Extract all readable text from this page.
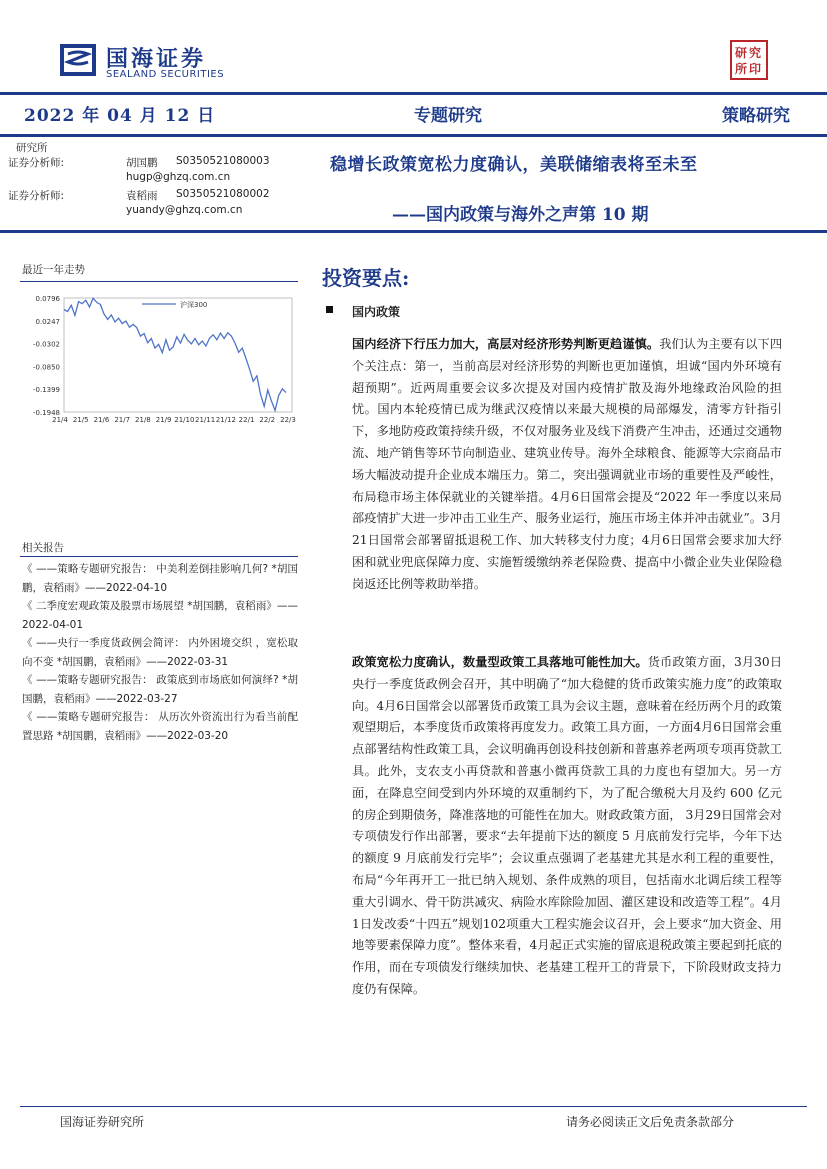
国海证券
SEALAND SECURITIES
研 究
所 印
2022 年 04 月 12 日	专题研究	策略研究
研究所
证券分析师:	胡国鹏 S0350521080003
hugp@ghzq.com.cn
证券分析师:	袁稻雨 S0350521080002
yuandy@ghzq.com.cn
稳增长政策宽松力度确认，美联储缩表将至未至
——国内政策与海外之声第 10 期
最近一年走势
0.0796
0.0247
-0.0302
-0.0850
-0.1399
-0.1948
21/4 21/5 21/6 21/7 21/8 21/9 21/10 21/11 21/12 22/1 22/2 22/3
沪深300
相关报告
《 ——策略专题研究报告： 中美利差倒挂影响几何? *胡国鹏，袁稻雨》——2022-04-10
《 二季度宏观政策及股票市场展望 *胡国鹏，袁稻雨》——2022-04-01
《 ——央行一季度货政例会简评： 内外困境交织 ，宽松取向不变 *胡国鹏，袁稻雨》——2022-03-31
《 ——策略专题研究报告： 政策底到市场底如何演绎? *胡国鹏，袁稻雨》——2022-03-27
《 ——策略专题研究报告： 从历次外资流出行为看当前配置思路 *胡国鹏，袁稻雨》——2022-03-20
投资要点:
国内政策
国内经济下行压力加大，高层对经济形势判断更趋谨慎。我们认为主要有以下四个关注点：第一，当前高层对经济形势的判断也更加谨慎，坦诚“国内外环境有超预期”。近两周重要会议多次提及对国内疫情扩散及海外地缘政治风险的担忧。国内本轮疫情已成为继武汉疫情以来最大规模的局部爆发，清零方针指引下，多地防疫政策持续升级，不仅对服务业及线下消费产生冲击，还通过交通物流、地产销售等环节向制造业、建筑业传导。海外全球粮食、能源等大宗商品市场大幅波动提升企业成本端压力。第二，突出强调就业市场的重要性及严峻性，布局稳市场主体保就业的关键举措。4月6日国常会提及“2022 年一季度以来局部疫情扩大进一步冲击工业生产、服务业运行，施压市场主体并冲击就业”。3月21日国常会部署留抵退税工作、加大转移支付力度；4月6日国常会要求加大纾困和就业兜底保障力度、实施暂缓缴纳养老保险费、提高中小微企业失业保险稳岗返还比例等救助举措。
政策宽松力度确认，数量型政策工具落地可能性加大。货币政策方面，3月30日央行一季度货政例会召开，其中明确了“加大稳健的货币政策实施力度”的政策取向。4月6日国常会以部署货币政策工具为会议主题，意味着在经历两个月的政策观望期后，本季度货币政策将再度发力。政策工具方面，一方面4月6日国常会重点部署结构性政策工具，会议明确再创设科技创新和普惠养老两项专项再贷款工具。此外，支农支小再贷款和普惠小微再贷款工具的力度也有望加大。另一方面，在降息空间受到内外环境的双重制约下，为了配合缴税大月及约 600 亿元的房企到期债务，降准落地的可能性在加大。财政政策方面， 3月29日国常会对专项债发行作出部署，要求“去年提前下达的额度 5 月底前发行完毕，今年下达的额度 9 月底前发行完毕”；会议重点强调了老基建尤其是水利工程的重要性，布局“今年再开工一批已纳入规划、条件成熟的项目，包括南水北调后续工程等重大引调水、骨干防洪减灾、病险水库除险加固、灌区建设和改造等工程”。4月1日发改委“十四五”规划102项重大工程实施会议召开，会上要求“加大资金、用地等要素保障力度”。整体来看，4月起正式实施的留底退税政策主要起到托底的作用，而在专项债发行继续加快、老基建工程开工的背景下，下阶段财政支持力度仍有保障。
国海证券研究所	请务必阅读正文后免责条款部分
